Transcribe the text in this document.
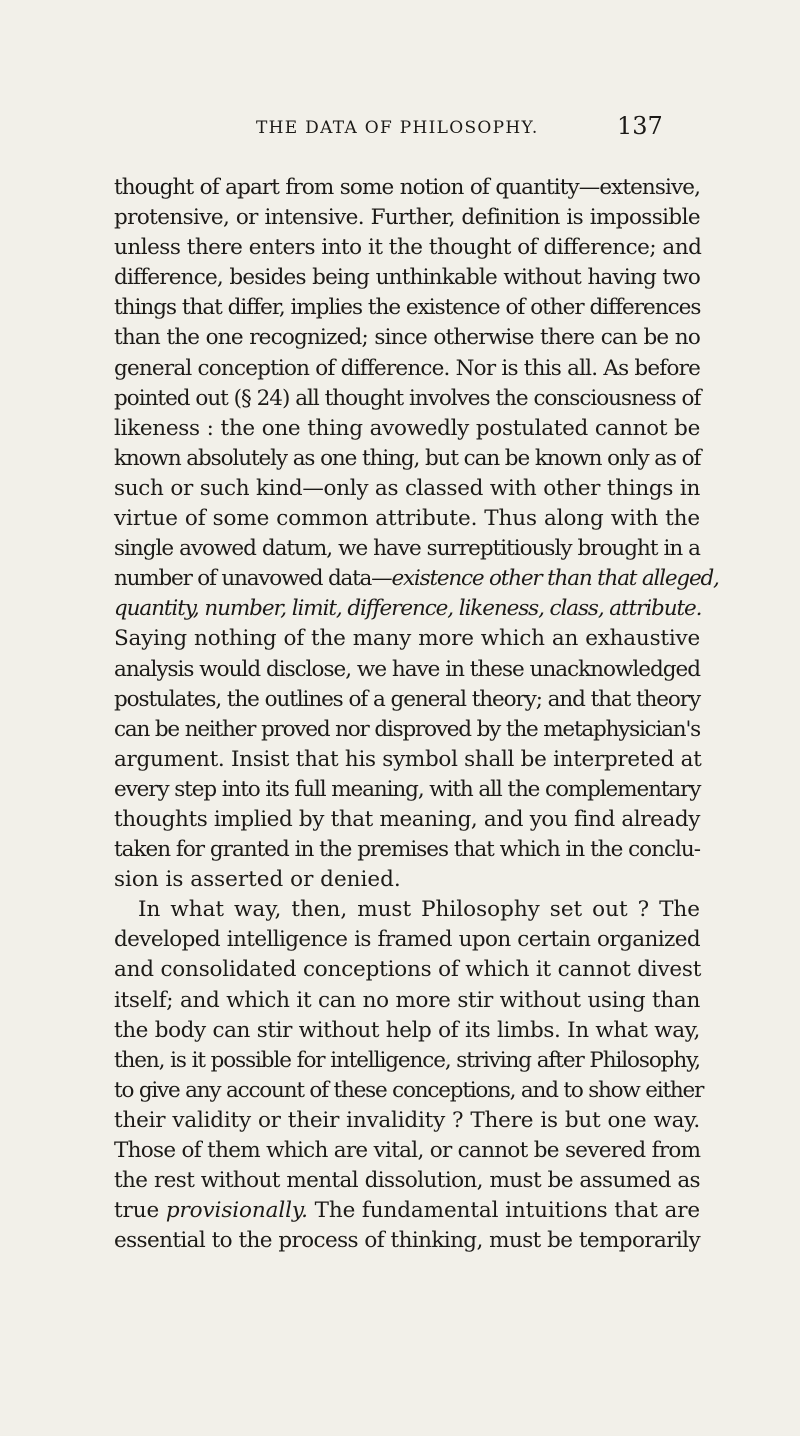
THE DATA OF PHILOSOPHY.	137
thought of apart from some notion of quantity—extensive,
protensive, or intensive. Further, definition is impossible
unless there enters into it the thought of difference; and
difference, besides being unthinkable without having two
things that differ, implies the existence of other differences
than the one recognized; since otherwise there can be no
general conception of difference. Nor is this all. As before
pointed out (§ 24) all thought involves the consciousness of
likeness : the one thing avowedly postulated cannot be
known absolutely as one thing, but can be known only as of
such or such kind—only as classed with other things in
virtue of some common attribute. Thus along with the
single avowed datum, we have surreptitiously brought in a
number of unavowed data—existence other than that alleged,
quantity, number, limit, difference, likeness, class, attribute.
Saying nothing of the many more which an exhaustive
analysis would disclose, we have in these unacknowledged
postulates, the outlines of a general theory; and that theory
can be neither proved nor disproved by the metaphysician's
argument. Insist that his symbol shall be interpreted at
every step into its full meaning, with all the complementary
thoughts implied by that meaning, and you find already
taken for granted in the premises that which in the conclu-
sion is asserted or denied.
In what way, then, must Philosophy set out ? The
developed intelligence is framed upon certain organized
and consolidated conceptions of which it cannot divest
itself; and which it can no more stir without using than
the body can stir without help of its limbs. In what way,
then, is it possible for intelligence, striving after Philosophy,
to give any account of these conceptions, and to show either
their validity or their invalidity ? There is but one way.
Those of them which are vital, or cannot be severed from
the rest without mental dissolution, must be assumed as
true provisionally. The fundamental intuitions that are
essential to the process of thinking, must be temporarily
